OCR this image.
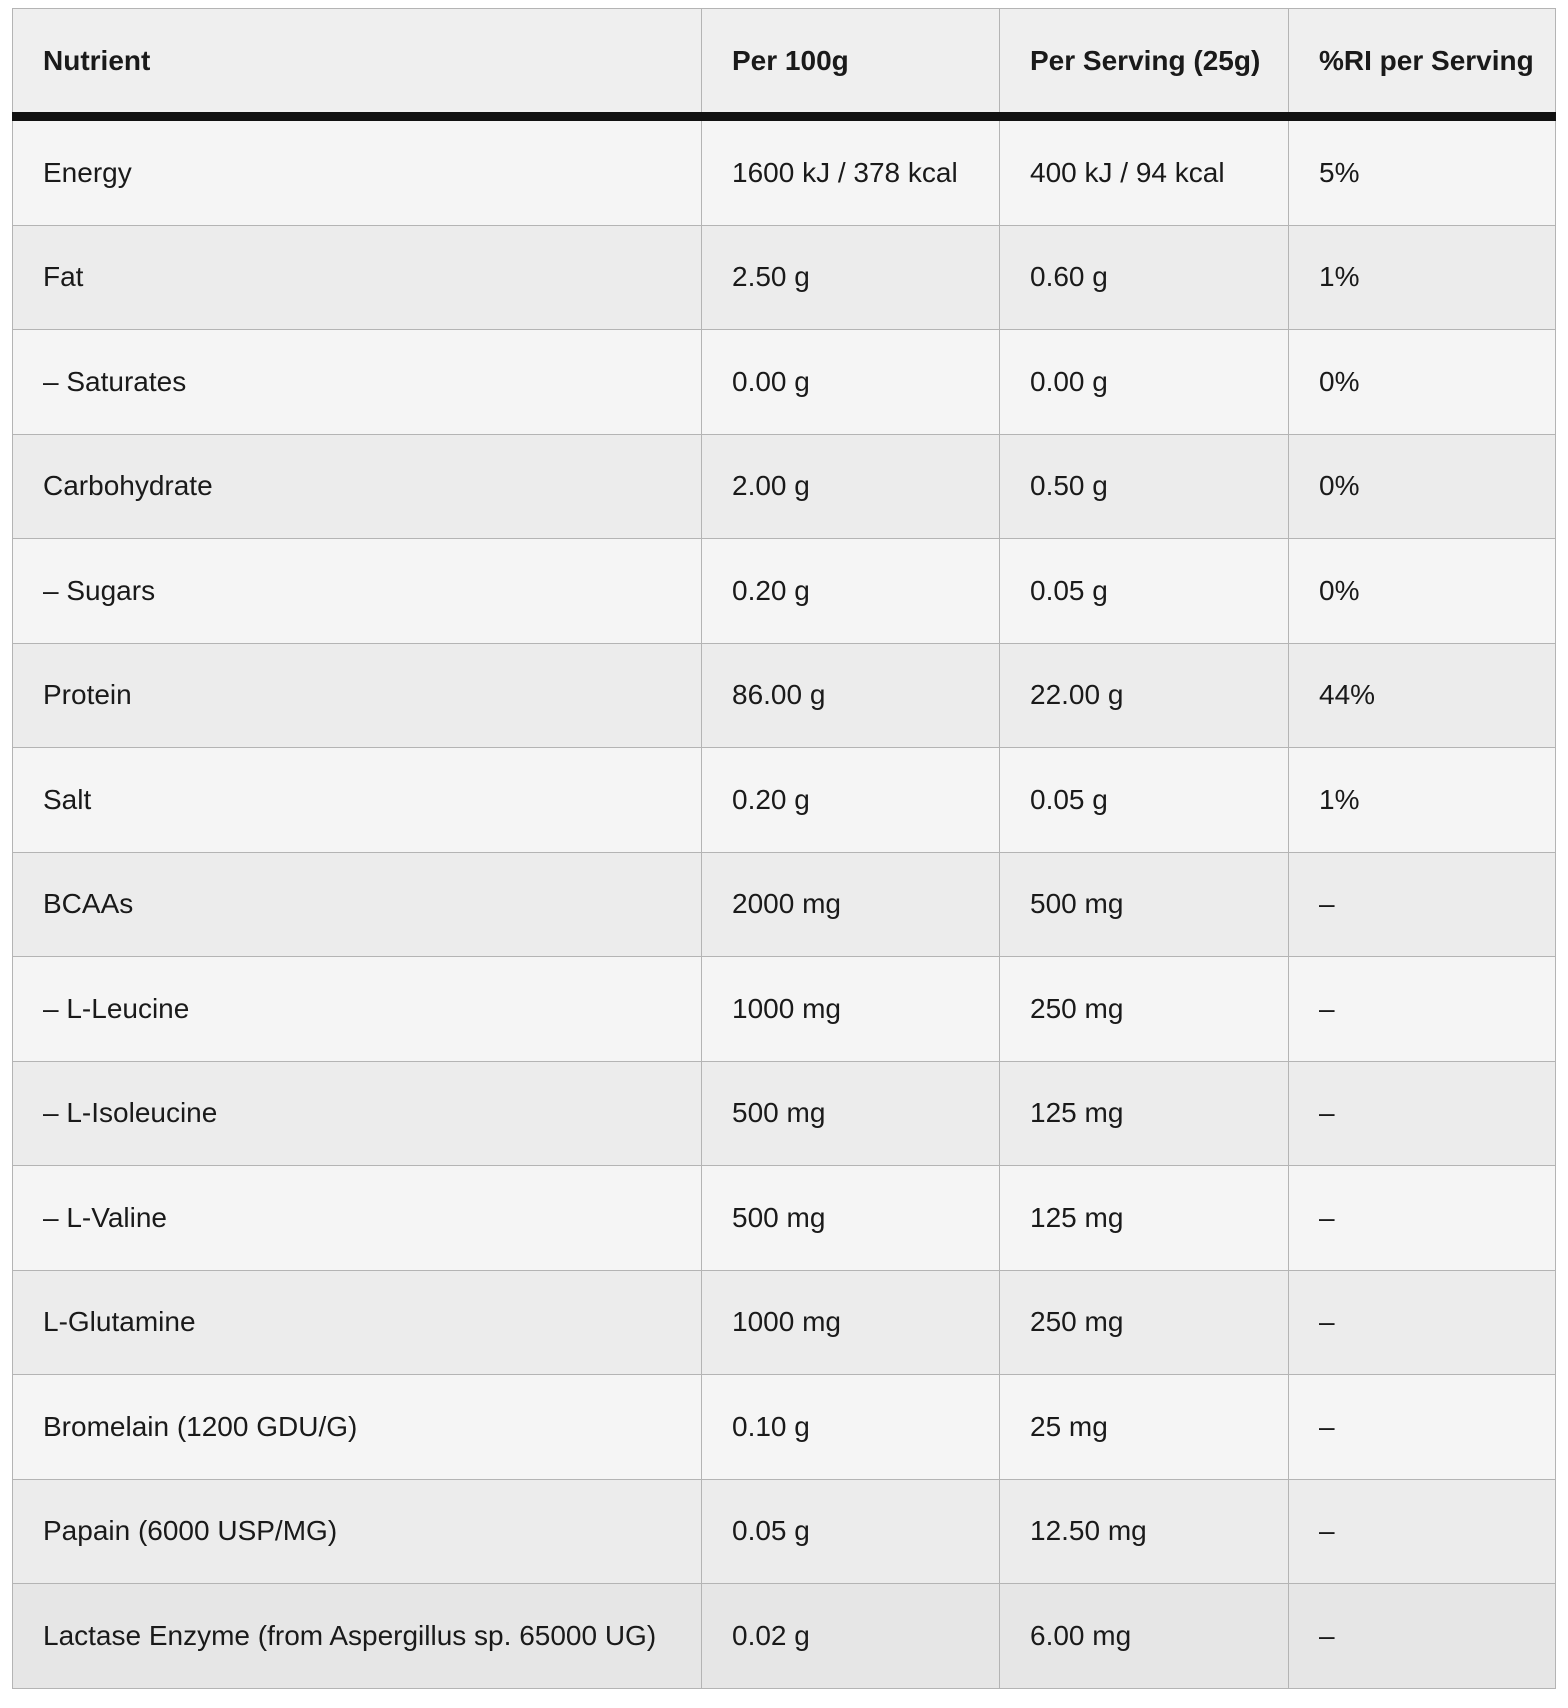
Nutrient	Per 100g	Per Serving (25g)	%RI per Serving
Energy	1600 kJ / 378 kcal	400 kJ / 94 kcal	5%
Fat	2.50 g	0.60 g	1%
– Saturates	0.00 g	0.00 g	0%
Carbohydrate	2.00 g	0.50 g	0%
– Sugars	0.20 g	0.05 g	0%
Protein	86.00 g	22.00 g	44%
Salt	0.20 g	0.05 g	1%
BCAAs	2000 mg	500 mg	–
– L-Leucine	1000 mg	250 mg	–
– L-Isoleucine	500 mg	125 mg	–
– L-Valine	500 mg	125 mg	–
L-Glutamine	1000 mg	250 mg	–
Bromelain (1200 GDU/G)	0.10 g	25 mg	–
Papain (6000 USP/MG)	0.05 g	12.50 mg	–
Lactase Enzyme (from Aspergillus sp. 65000 UG)	0.02 g	6.00 mg	–
